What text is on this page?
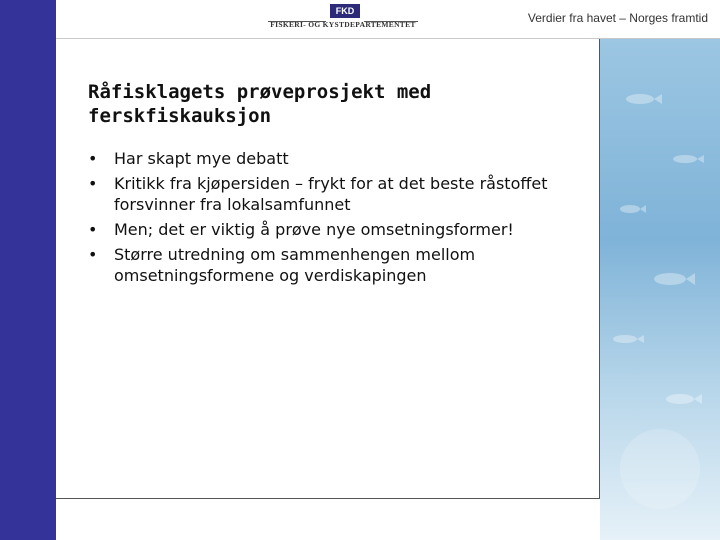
FKD
FISKERI- OG KYSTDEPARTEMENTET	Verdier fra havet – Norges framtid
Råfisklagets prøveprosjekt med ferskfiskauksjon
• Har skapt mye debatt
• Kritikk fra kjøpersiden – frykt for at det beste råstoffet forsvinner fra lokalsamfunnet
• Men; det er viktig å prøve nye omsetningsformer!
• Større utredning om sammenhengen mellom omsetningsformene og verdiskapingen
